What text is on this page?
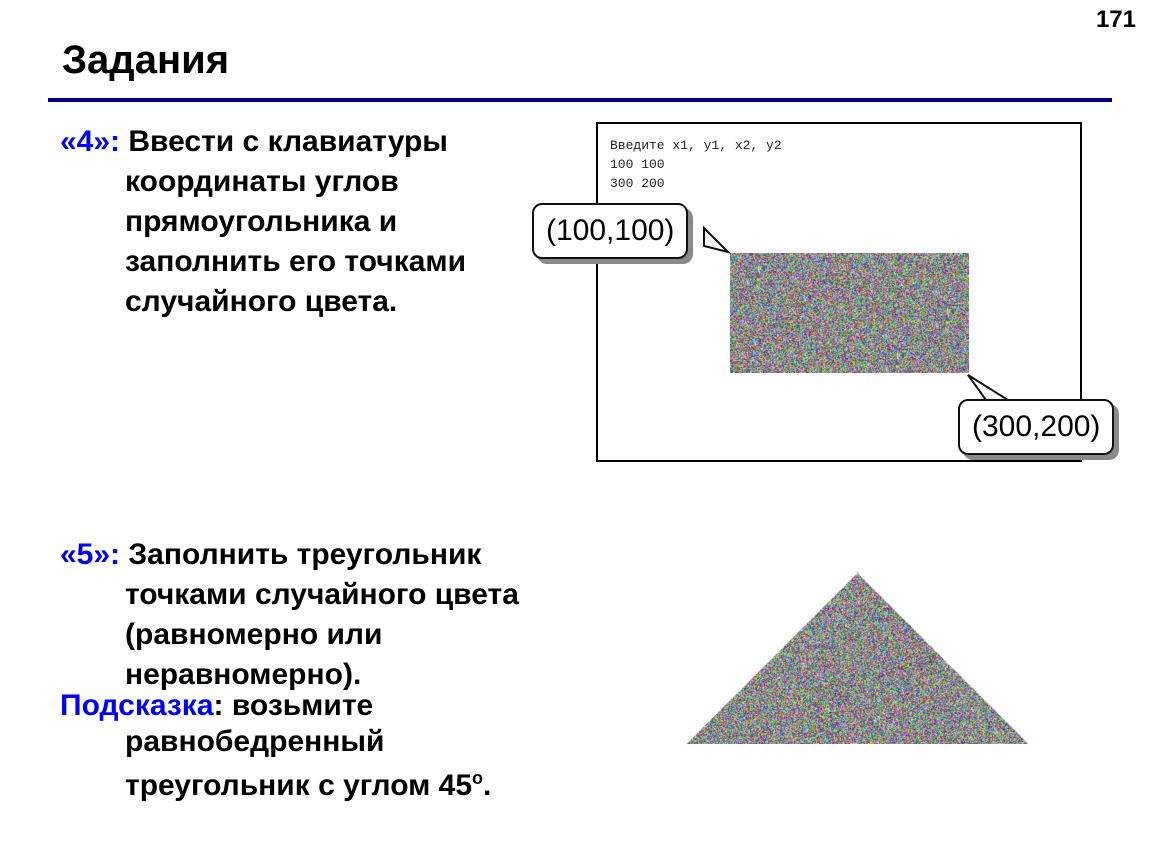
171
Задания
«4»: Ввести с клавиатуры
координаты углов
прямоугольника и
заполнить его точками
случайного цвета.
Введите x1, y1, x2, y2
100 100
300 200
(100,100)
(300,200)
«5»: Заполнить треугольник
точками случайного цвета
(равномерно или
неравномерно).
Подсказка: возьмите
равнобедренный
треугольник с углом $45^о$.
